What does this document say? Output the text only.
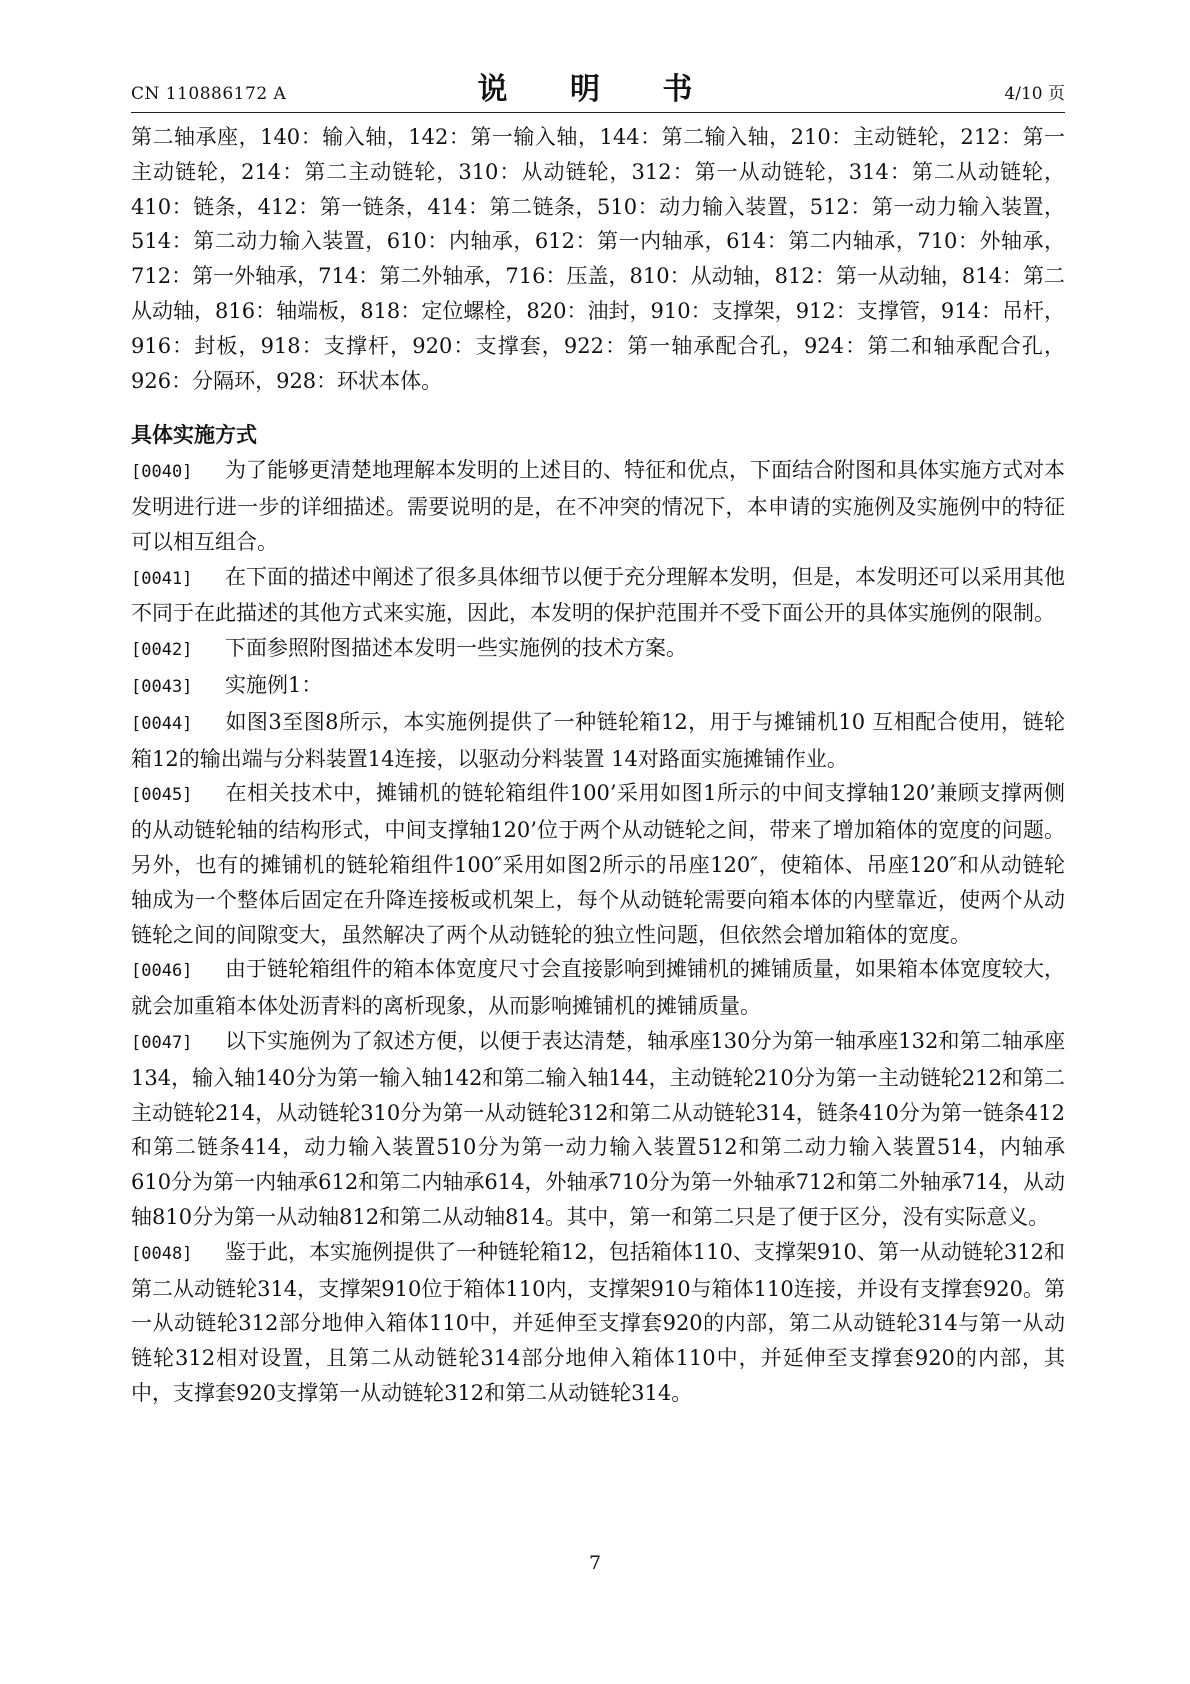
CN 110886172 A	说 明 书	4/10 页

第二轴承座，140：输入轴，142：第一输入轴，144：第二输入轴，210：主动链轮，212：第一主动链轮，214：第二主动链轮，310：从动链轮，312：第一从动链轮，314：第二从动链轮，410：链条，412：第一链条，414：第二链条，510：动力输入装置，512：第一动力输入装置，514：第二动力输入装置，610：内轴承，612：第一内轴承，614：第二内轴承，710：外轴承，712：第一外轴承，714：第二外轴承，716：压盖，810：从动轴，812：第一从动轴，814：第二从动轴，816：轴端板，818：定位螺栓，820：油封，910：支撑架，912：支撑管，914：吊杆，916：封板，918：支撑杆，920：支撑套，922：第一轴承配合孔，924：第二和轴承配合孔，926：分隔环，928：环状本体。

具体实施方式

[0040] 为了能够更清楚地理解本发明的上述目的、特征和优点，下面结合附图和具体实施方式对本发明进行进一步的详细描述。需要说明的是，在不冲突的情况下，本申请的实施例及实施例中的特征可以相互组合。

[0041] 在下面的描述中阐述了很多具体细节以便于充分理解本发明，但是，本发明还可以采用其他不同于在此描述的其他方式来实施，因此，本发明的保护范围并不受下面公开的具体实施例的限制。

[0042] 下面参照附图描述本发明一些实施例的技术方案。

[0043] 实施例1：

[0044] 如图3至图8所示，本实施例提供了一种链轮箱12，用于与摊铺机10 互相配合使用，链轮箱12的输出端与分料装置14连接，以驱动分料装置 14对路面实施摊铺作业。

[0045] 在相关技术中，摊铺机的链轮箱组件100’采用如图1所示的中间支撑轴120’兼顾支撑两侧的从动链轮轴的结构形式，中间支撑轴120’位于两个从动链轮之间，带来了增加箱体的宽度的问题。另外，也有的摊铺机的链轮箱组件100″采用如图2所示的吊座120″，使箱体、吊座120″和从动链轮轴成为一个整体后固定在升降连接板或机架上，每个从动链轮需要向箱本体的内壁靠近，使两个从动链轮之间的间隙变大，虽然解决了两个从动链轮的独立性问题，但依然会增加箱体的宽度。

[0046] 由于链轮箱组件的箱本体宽度尺寸会直接影响到摊铺机的摊铺质量，如果箱本体宽度较大，就会加重箱本体处沥青料的离析现象，从而影响摊铺机的摊铺质量。

[0047] 以下实施例为了叙述方便，以便于表达清楚，轴承座130分为第一轴承座132和第二轴承座134，输入轴140分为第一输入轴142和第二输入轴144，主动链轮210分为第一主动链轮212和第二主动链轮214，从动链轮310分为第一从动链轮312和第二从动链轮314，链条410分为第一链条412和第二链条414，动力输入装置510分为第一动力输入装置512和第二动力输入装置514，内轴承610分为第一内轴承612和第二内轴承614，外轴承710分为第一外轴承712和第二外轴承714，从动轴810分为第一从动轴812和第二从动轴814。其中，第一和第二只是了便于区分，没有实际意义。

[0048] 鉴于此，本实施例提供了一种链轮箱12，包括箱体110、支撑架910、第一从动链轮312和第二从动链轮314，支撑架910位于箱体110内，支撑架910与箱体110连接，并设有支撑套920。第一从动链轮312部分地伸入箱体110中，并延伸至支撑套920的内部，第二从动链轮314与第一从动链轮312相对设置，且第二从动链轮314部分地伸入箱体110中，并延伸至支撑套920的内部，其中，支撑套920支撑第一从动链轮312和第二从动链轮314。

7
